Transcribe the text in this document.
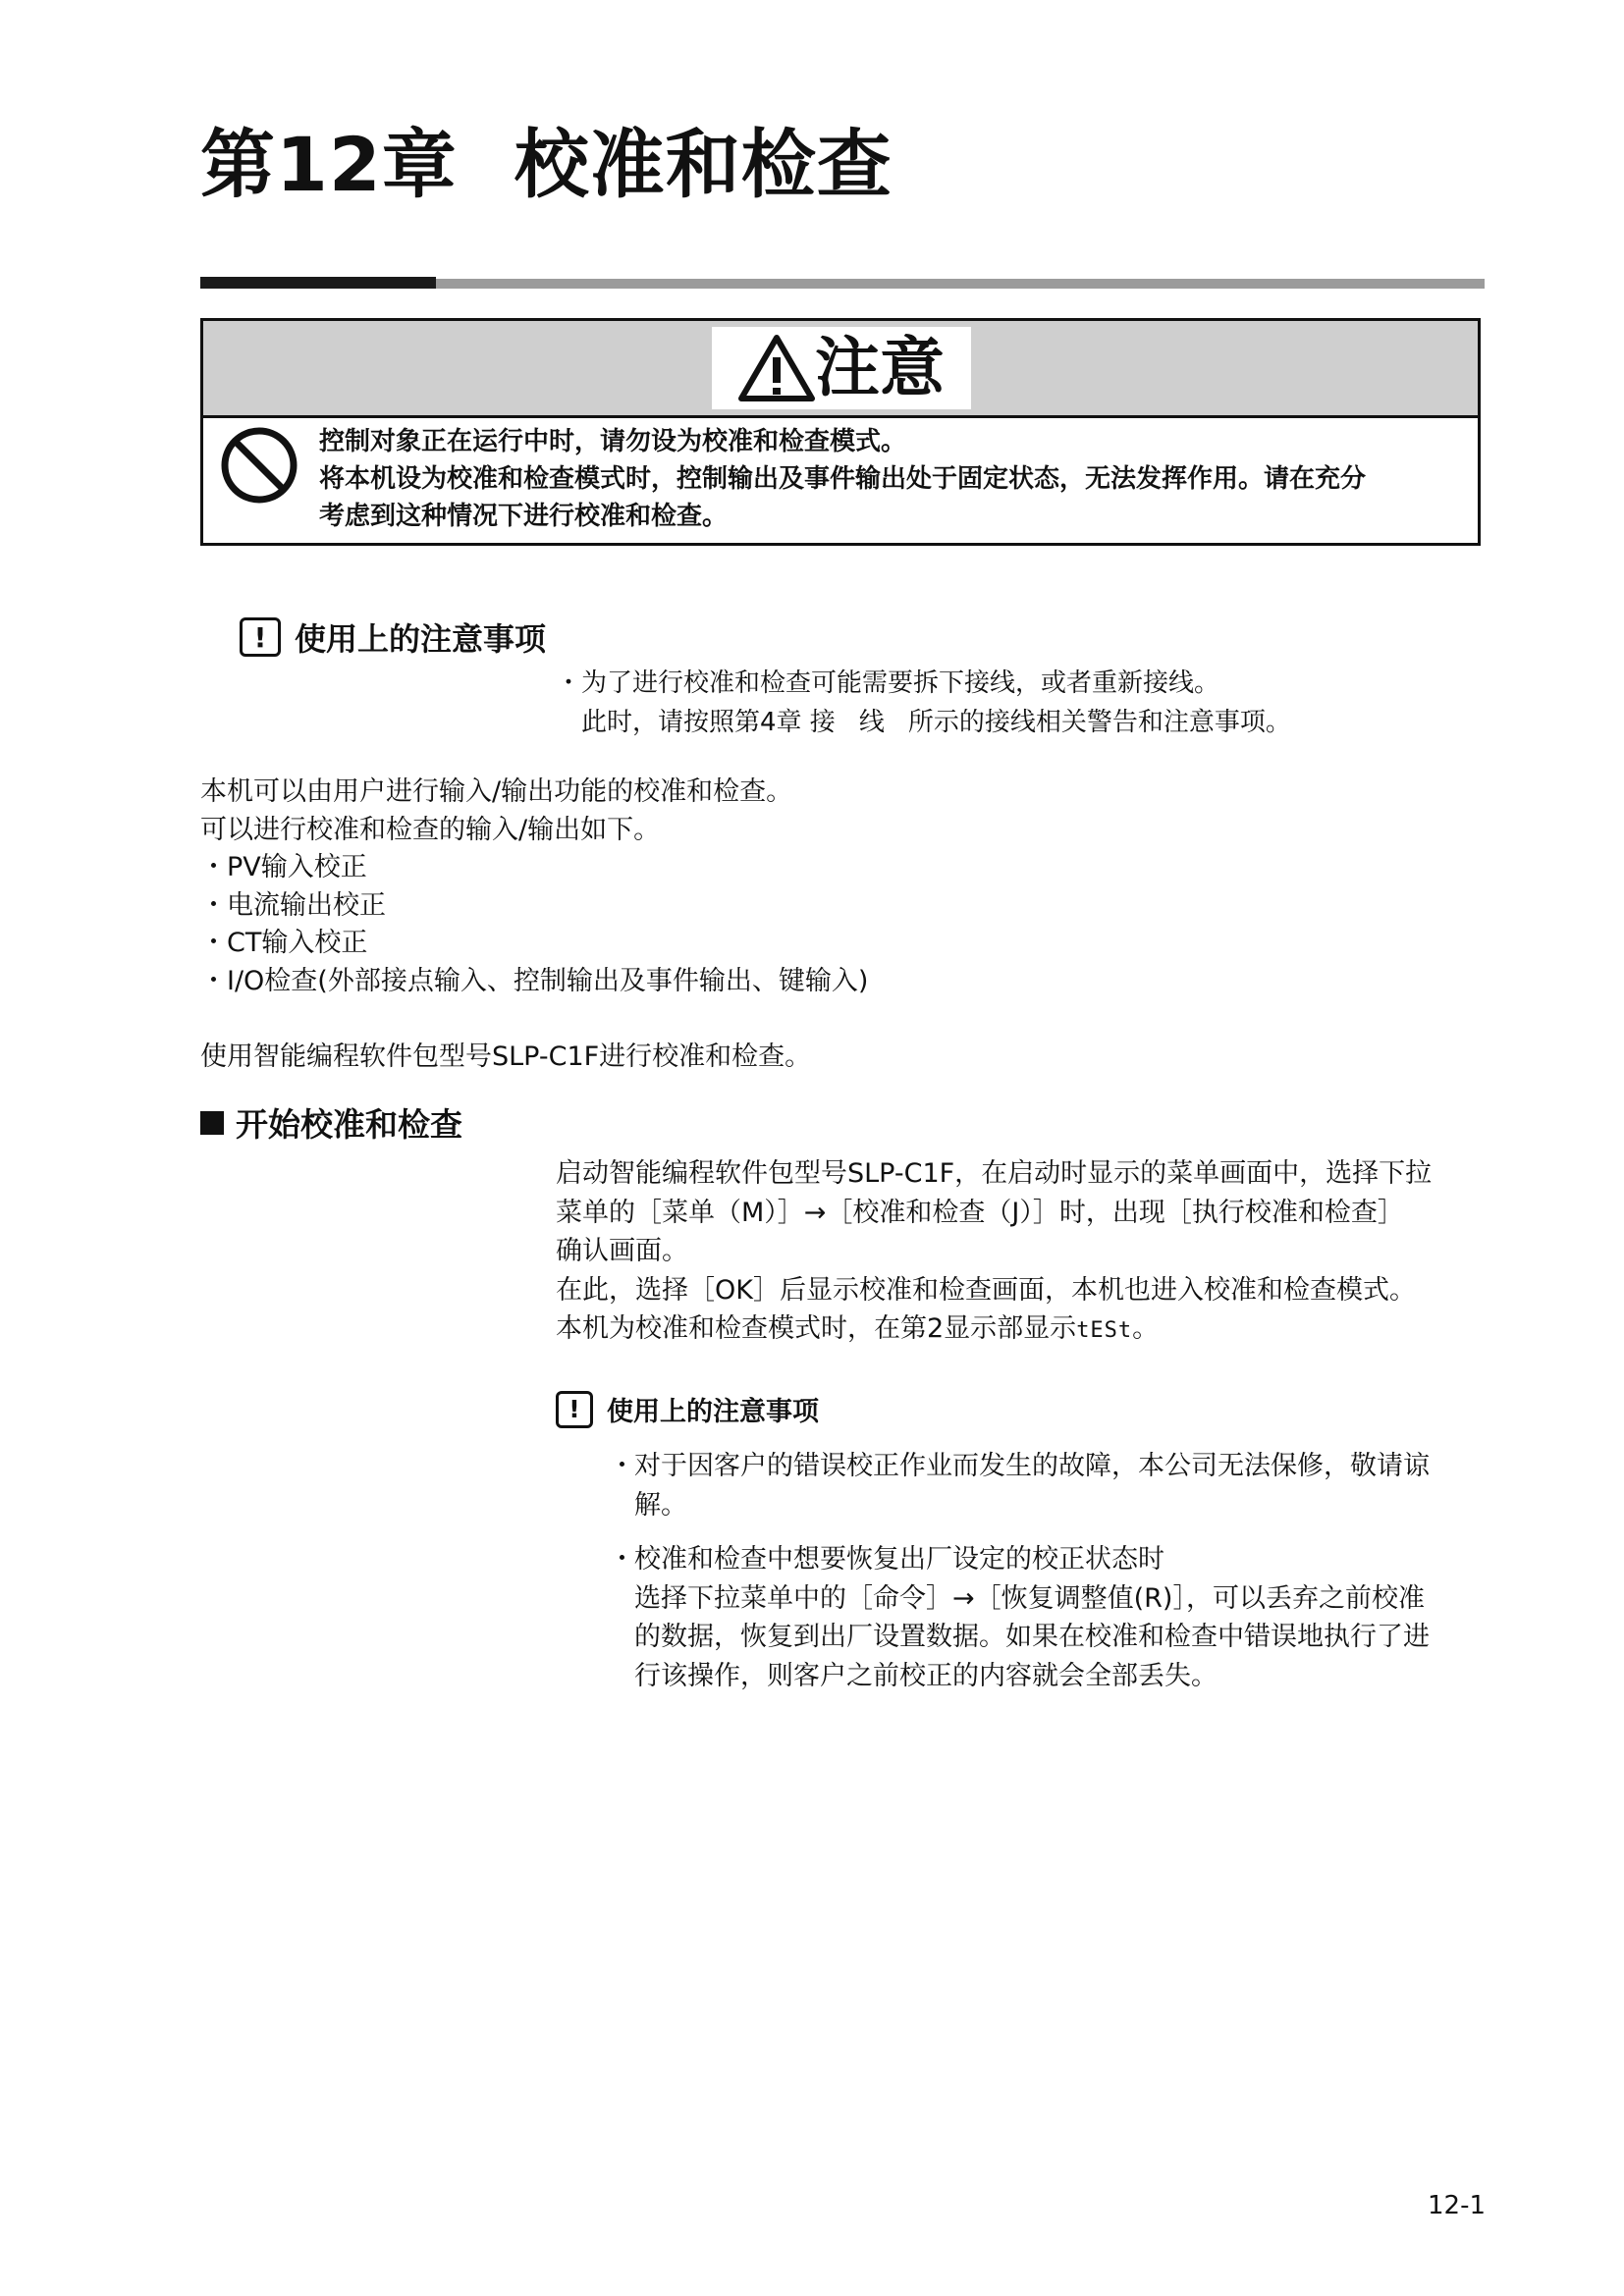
第12章 校准和检查
注意
控制对象正在运行中时，请勿设为校准和检查模式。
将本机设为校准和检查模式时，控制输出及事件输出处于固定状态，无法发挥作用。请在充分
考虑到这种情况下进行校准和检查。
! 使用上的注意事项
・为了进行校准和检查可能需要拆下接线，或者重新接线。
此时，请按照第4章 接 线 所示的接线相关警告和注意事项。
本机可以由用户进行输入/输出功能的校准和检查。
可以进行校准和检查的输入/输出如下。
・PV输入校正
・电流输出校正
・CT输入校正
・I/O检查(外部接点输入、控制输出及事件输出、键输入)
使用智能编程软件包型号SLP-C1F进行校准和检查。
开始校准和检查
启动智能编程软件包型号SLP-C1F，在启动时显示的菜单画面中，选择下拉
菜单的［菜单（M）］→［校准和检查（J）］时，出现［执行校准和检查］
确认画面。
在此，选择［OK］后显示校准和检查画面，本机也进入校准和检查模式。
本机为校准和检查模式时，在第2显示部显示tESt。
!	使用上的注意事项
・对于因客户的错误校正作业而发生的故障，本公司无法保修，敬请谅
解。
・校准和检查中想要恢复出厂设定的校正状态时
选择下拉菜单中的［命令］→［恢复调整值(R)］，可以丢弃之前校准
的数据，恢复到出厂设置数据。如果在校准和检查中错误地执行了进
行该操作，则客户之前校正的内容就会全部丢失。
12-1
